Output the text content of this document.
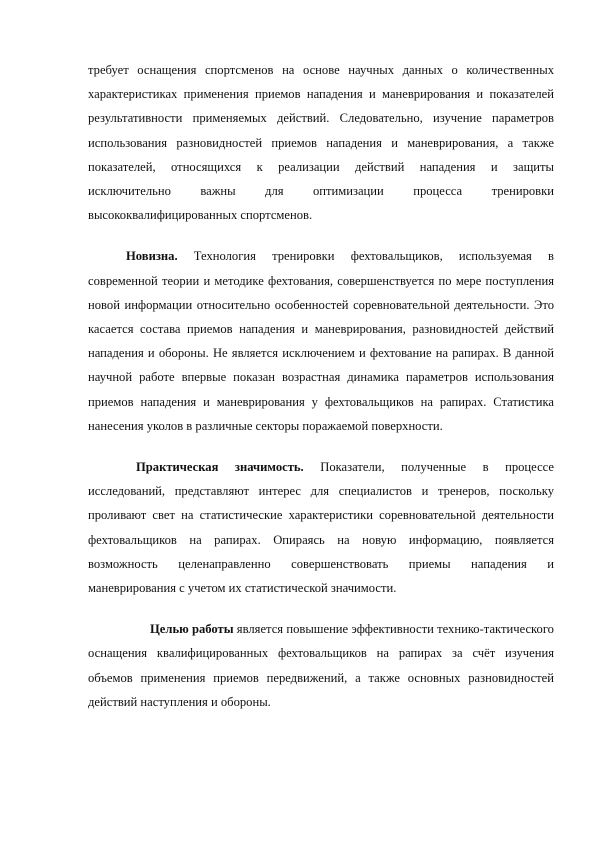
требует оснащения спортсменов на основе научных данных о количественных характеристиках применения приемов нападения и маневрирования и показателей результативности применяемых действий. Следовательно, изучение параметров использования разновидностей приемов нападения и маневрирования, а также показателей, относящихся к реализации действий нападения и защиты исключительно важны для оптимизации процесса тренировки высококвалифицированных спортсменов.

Новизна. Технология тренировки фехтовальщиков, используемая в современной теории и методике фехтования, совершенствуется по мере поступления новой информации относительно особенностей соревновательной деятельности. Это касается состава приемов нападения и маневрирования, разновидностей действий нападения и обороны. Не является исключением и фехтование на рапирах. В данной научной работе впервые показан возрастная динамика параметров использования приемов нападения и маневрирования у фехтовальщиков на рапирах. Статистика нанесения уколов в различные секторы поражаемой поверхности.

Практическая значимость. Показатели, полученные в процессе исследований, представляют интерес для специалистов и тренеров, поскольку проливают свет на статистические характеристики соревновательной деятельности фехтовальщиков на рапирах. Опираясь на новую информацию, появляется возможность целенаправленно совершенствовать приемы нападения и маневрирования с учетом их статистической значимости.

Целью работы является повышение эффективности технико-тактического оснащения квалифицированных фехтовальщиков на рапирах за счёт изучения объемов применения приемов передвижений, а также основных разновидностей действий наступления и обороны.
